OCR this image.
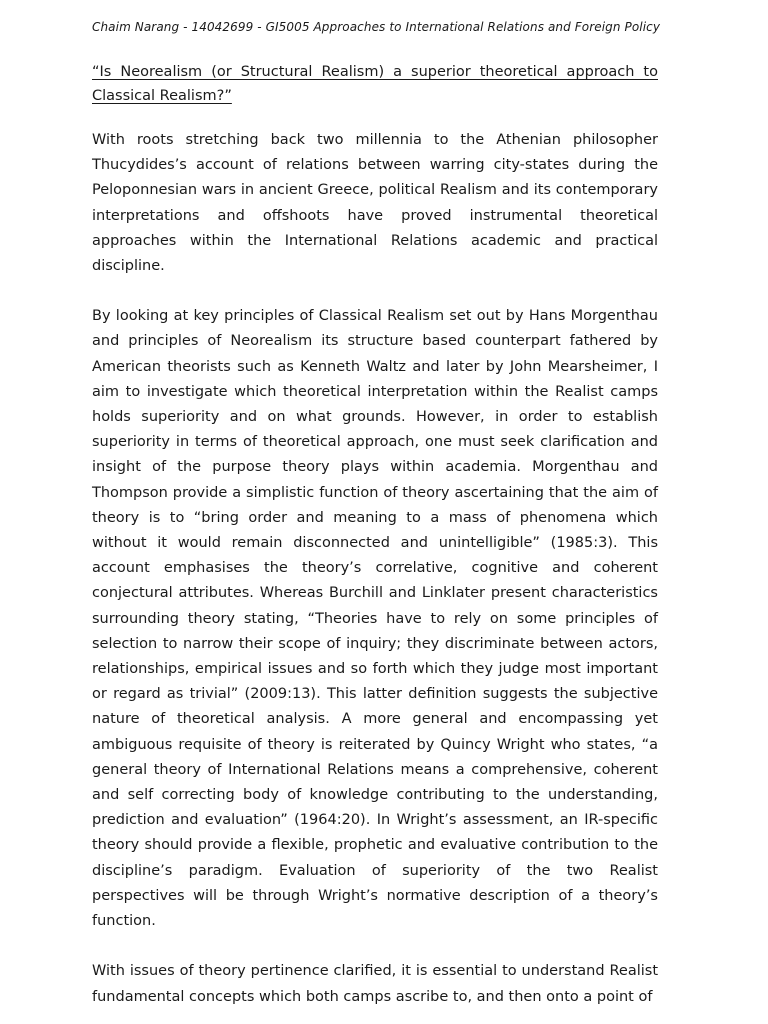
Chaim Narang - 14042699 - GI5005 Approaches to International Relations and Foreign Policy
“Is Neorealism (or Structural Realism) a superior theoretical approach to Classical Realism?”

With roots stretching back two millennia to the Athenian philosopher Thucydides’s account of relations between warring city-states during the Peloponnesian wars in ancient Greece, political Realism and its contemporary interpretations and offshoots have proved instrumental theoretical approaches within the International Relations academic and practical discipline.

By looking at key principles of Classical Realism set out by Hans Morgenthau and principles of Neorealism its structure based counterpart fathered by American theorists such as Kenneth Waltz and later by John Mearsheimer, I aim to investigate which theoretical interpretation within the Realist camps holds superiority and on what grounds. However, in order to establish superiority in terms of theoretical approach, one must seek clarification and insight of the purpose theory plays within academia. Morgenthau and Thompson provide a simplistic function of theory ascertaining that the aim of theory is to “bring order and meaning to a mass of phenomena which without it would remain disconnected and unintelligible” (1985:3). This account emphasises the theory’s correlative, cognitive and coherent conjectural attributes. Whereas Burchill and Linklater present characteristics surrounding theory stating, “Theories have to rely on some principles of selection to narrow their scope of inquiry; they discriminate between actors, relationships, empirical issues and so forth which they judge most important or regard as trivial” (2009:13). This latter definition suggests the subjective nature of theoretical analysis. A more general and encompassing yet ambiguous requisite of theory is reiterated by Quincy Wright who states, “a general theory of International Relations means a comprehensive, coherent and self correcting body of knowledge contributing to the understanding, prediction and evaluation” (1964:20). In Wright’s assessment, an IR-specific theory should provide a flexible, prophetic and evaluative contribution to the discipline’s paradigm. Evaluation of superiority of the two Realist perspectives will be through Wright’s normative description of a theory’s function.

With issues of theory pertinence clarified, it is essential to understand Realist fundamental concepts which both camps ascribe to, and then onto a point of
